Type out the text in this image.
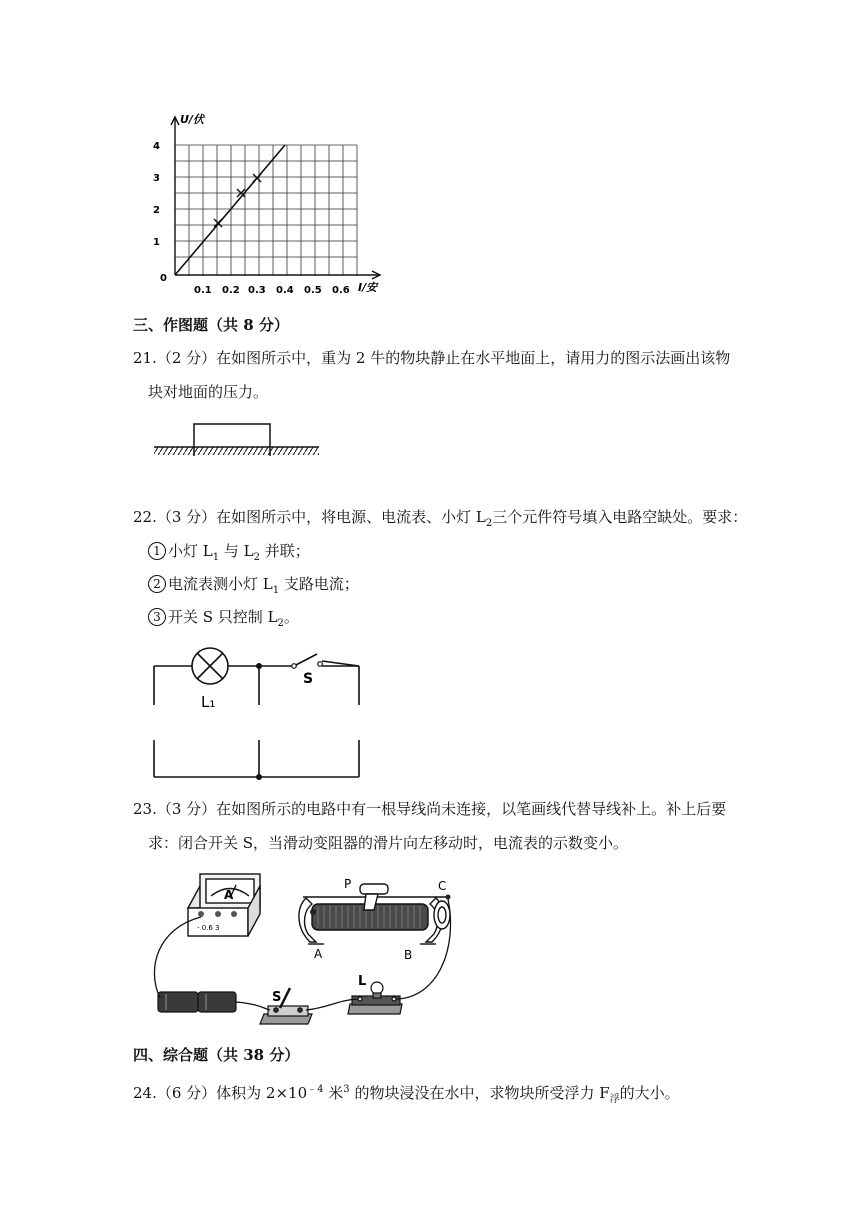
U/伏
I/安
0
1
2
3
4
0.1 0.2 0.3 0.4 0.5 0.6
三、作图题（共 8 分）
21.（2 分）在如图所示中，重为 2 牛的物块静止在水平地面上，请用力的图示法画出该物
块对地面的压力。
22.（3 分）在如图所示中，将电源、电流表、小灯 $L_2$三个元件符号填入电路空缺处。要求：
1 小灯 $L_1$ 与 $L_2$ 并联；
2 电流表测小灯 $L_1$ 支路电流；
3 开关 S 只控制 $L_2$。
L₁
S
23.（3 分）在如图所示的电路中有一根导线尚未连接，以笔画线代替导线补上。补上后要
求：闭合开关 S，当滑动变阻器的滑片向左移动时，电流表的示数变小。
A
- 0.6 3
P	C
A	B
S
L
四、综合题（共 38 分）
24.（6 分）体积为 $2\times 10^{﹣4}$ 米$^3$ 的物块浸没在水中，求物块所受浮力 $F_浮$的大小。
